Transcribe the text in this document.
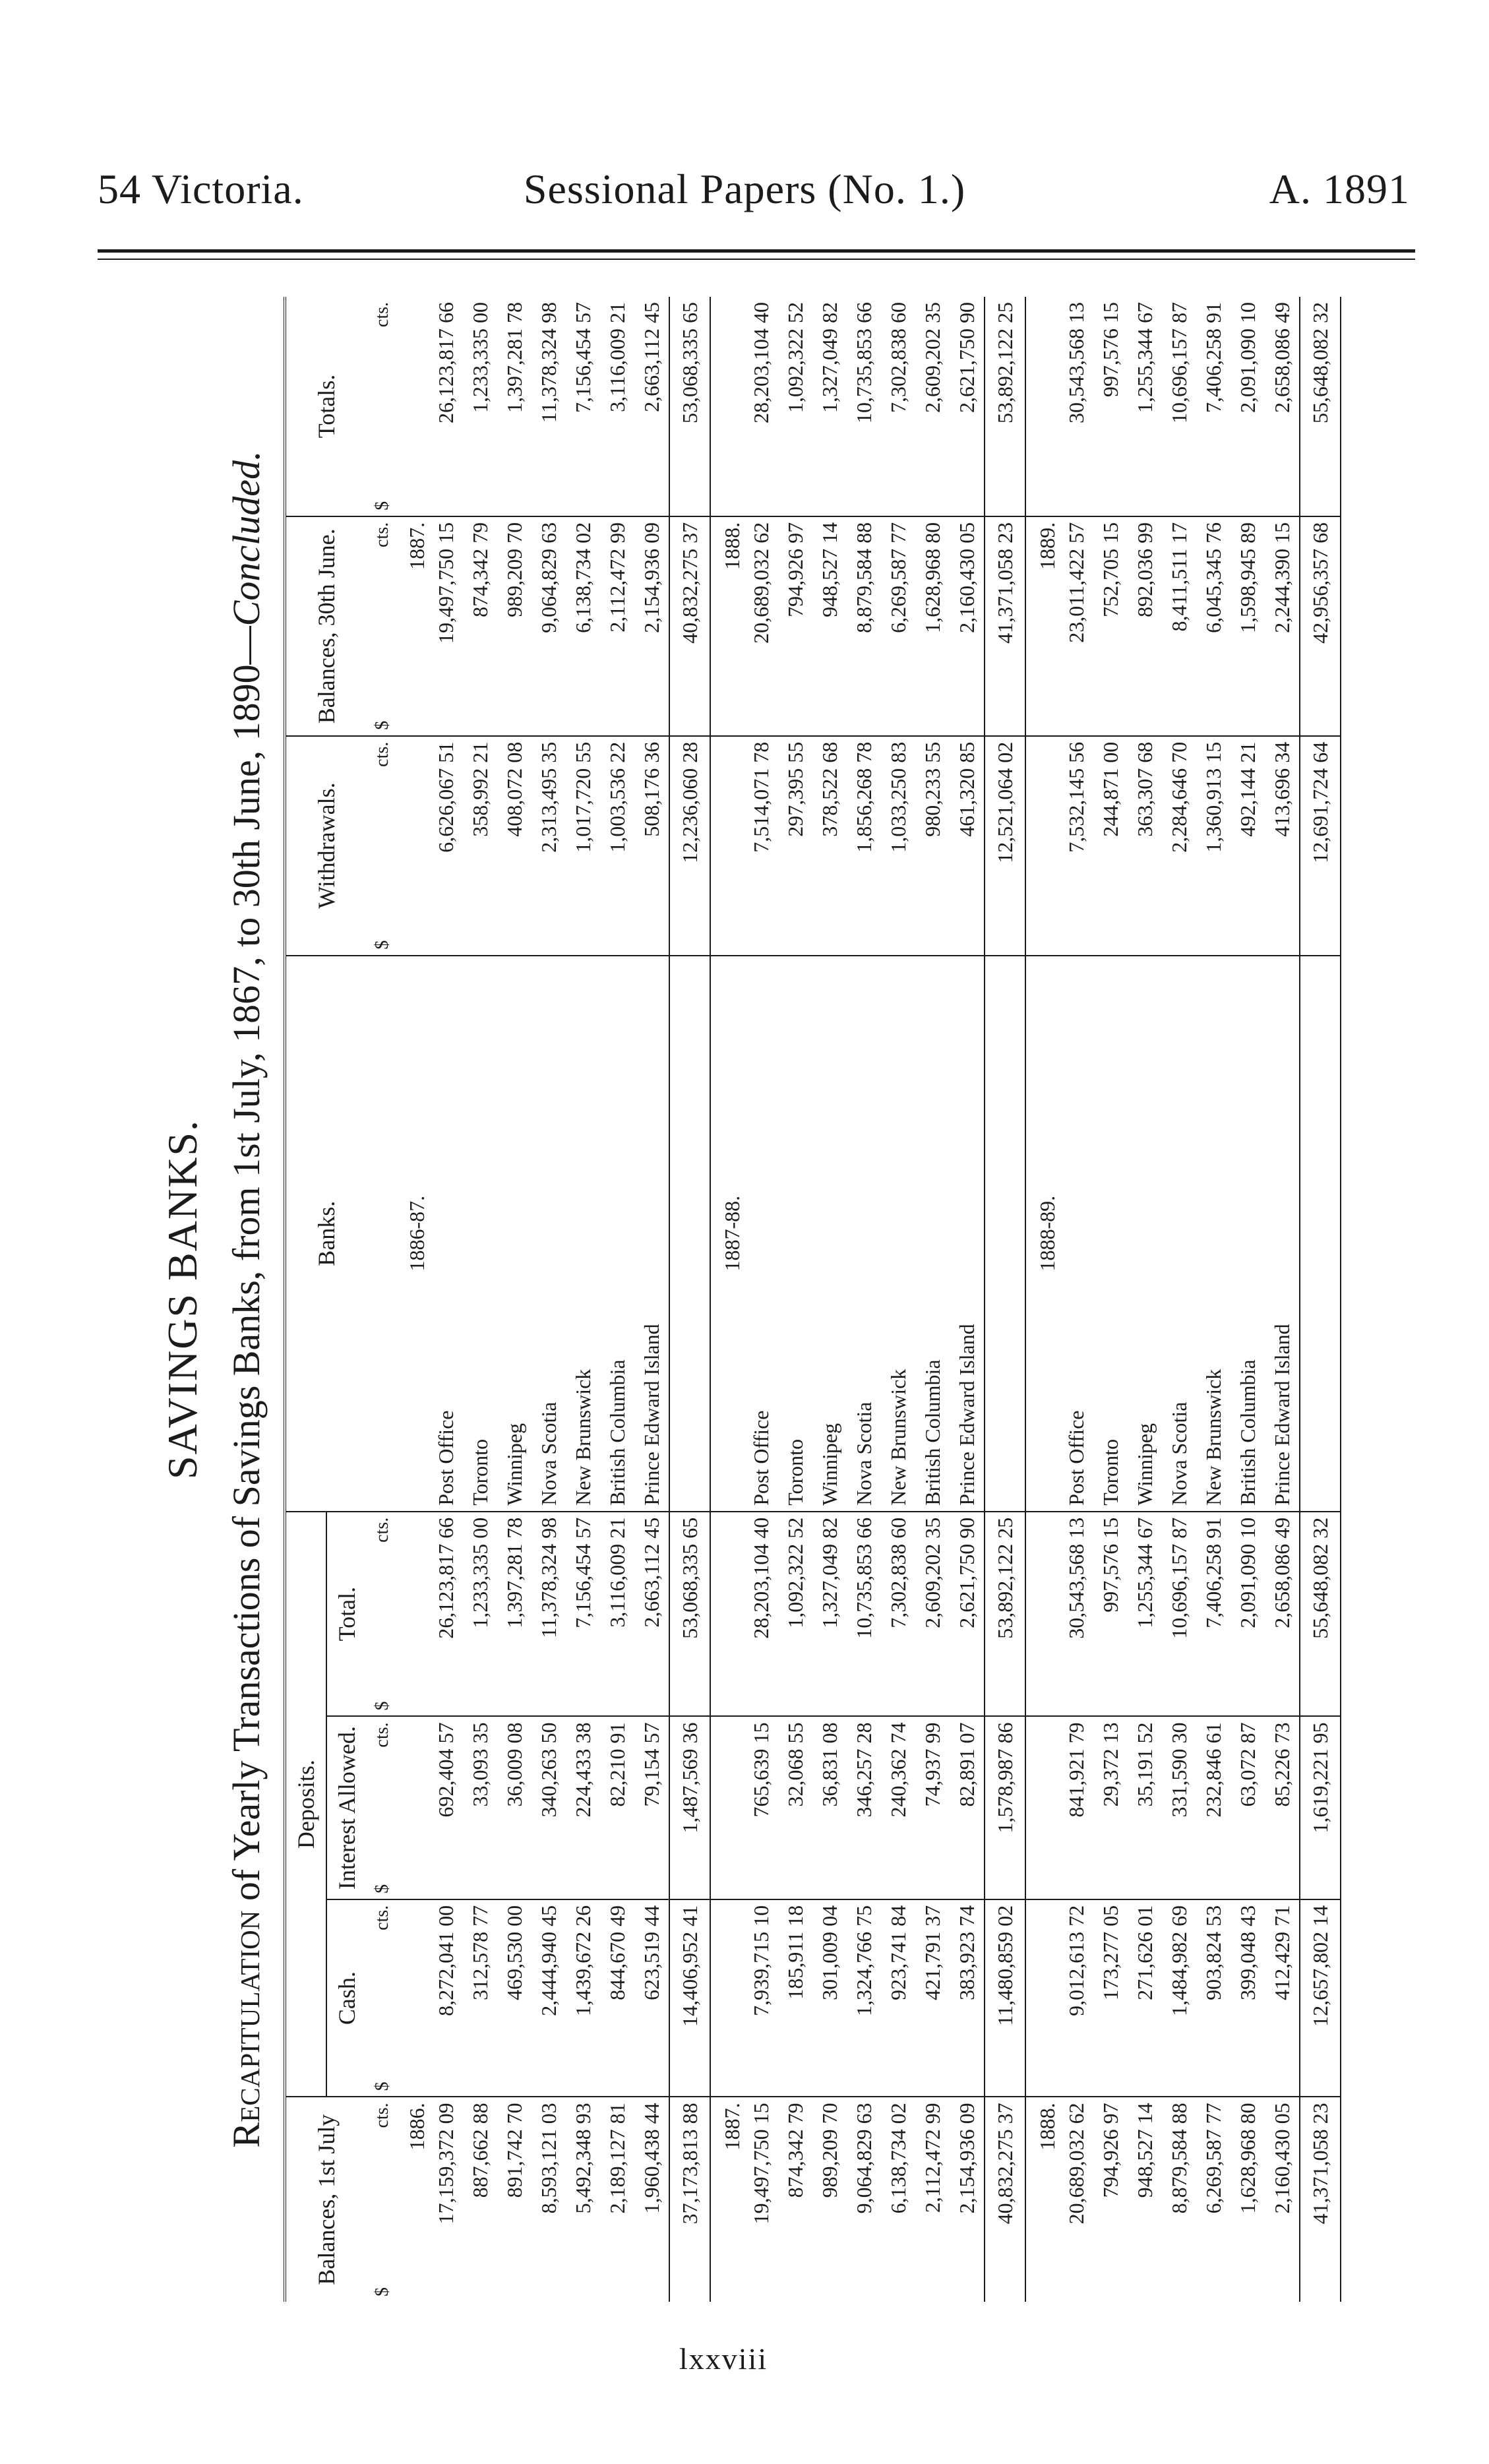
54 Victoria.	Sessional Papers (No. 1.)	A. 1891
SAVINGS BANKS.
Recapitulation of Yearly Transactions of Savings Banks, from 1st July, 1867, to 30th June, 1890—Concluded.
Balances, 1st July	Deposits.			Banks.	Withdrawals.	Balances, 30th June.	Totals.
	Cash.	Interest Allowed.	Total.				

$
cts.	$
cts.	$
cts.	$
cts.		$
cts.	$
cts.	$
cts.
1886.				1886-87.		1887.	
17,159,372 09	8,272,041 00	692,404 57	26,123,817 66	Post Office	6,626,067 51	19,497,750 15	26,123,817 66
887,662 88	312,578 77	33,093 35	1,233,335 00	Toronto	358,992 21	874,342 79	1,233,335 00
891,742 70	469,530 00	36,009 08	1,397,281 78	Winnipeg	408,072 08	989,209 70	1,397,281 78
8,593,121 03	2,444,940 45	340,263 50	11,378,324 98	Nova Scotia	2,313,495 35	9,064,829 63	11,378,324 98
5,492,348 93	1,439,672 26	224,433 38	7,156,454 57	New Brunswick	1,017,720 55	6,138,734 02	7,156,454 57
2,189,127 81	844,670 49	82,210 91	3,116,009 21	British Columbia	1,003,536 22	2,112,472 99	3,116,009 21
1,960,438 44	623,519 44	79,154 57	2,663,112 45	Prince Edward Island	508,176 36	2,154,936 09	2,663,112 45
37,173,813 88	14,406,952 41	1,487,569 36	53,068,335 65		12,236,060 28	40,832,275 37	53,068,335 65
1887.				1887-88.		1888.	
19,497,750 15	7,939,715 10	765,639 15	28,203,104 40	Post Office	7,514,071 78	20,689,032 62	28,203,104 40
874,342 79	185,911 18	32,068 55	1,092,322 52	Toronto	297,395 55	794,926 97	1,092,322 52
989,209 70	301,009 04	36,831 08	1,327,049 82	Winnipeg	378,522 68	948,527 14	1,327,049 82
9,064,829 63	1,324,766 75	346,257 28	10,735,853 66	Nova Scotia	1,856,268 78	8,879,584 88	10,735,853 66
6,138,734 02	923,741 84	240,362 74	7,302,838 60	New Brunswick	1,033,250 83	6,269,587 77	7,302,838 60
2,112,472 99	421,791 37	74,937 99	2,609,202 35	British Columbia	980,233 55	1,628,968 80	2,609,202 35
2,154,936 09	383,923 74	82,891 07	2,621,750 90	Prince Edward Island	461,320 85	2,160,430 05	2,621,750 90
40,832,275 37	11,480,859 02	1,578,987 86	53,892,122 25		12,521,064 02	41,371,058 23	53,892,122 25
1888.				1888-89.		1889.	
20,689,032 62	9,012,613 72	841,921 79	30,543,568 13	Post Office	7,532,145 56	23,011,422 57	30,543,568 13
794,926 97	173,277 05	29,372 13	997,576 15	Toronto	244,871 00	752,705 15	997,576 15
948,527 14	271,626 01	35,191 52	1,255,344 67	Winnipeg	363,307 68	892,036 99	1,255,344 67
8,879,584 88	1,484,982 69	331,590 30	10,696,157 87	Nova Scotia	2,284,646 70	8,411,511 17	10,696,157 87
6,269,587 77	903,824 53	232,846 61	7,406,258 91	New Brunswick	1,360,913 15	6,045,345 76	7,406,258 91
1,628,968 80	399,048 43	63,072 87	2,091,090 10	British Columbia	492,144 21	1,598,945 89	2,091,090 10
2,160,430 05	412,429 71	85,226 73	2,658,086 49	Prince Edward Island	413,696 34	2,244,390 15	2,658,086 49
41,371,058 23	12,657,802 14	1,619,221 95	55,648,082 32		12,691,724 64	42,956,357 68	55,648,082 32
lxxviii
